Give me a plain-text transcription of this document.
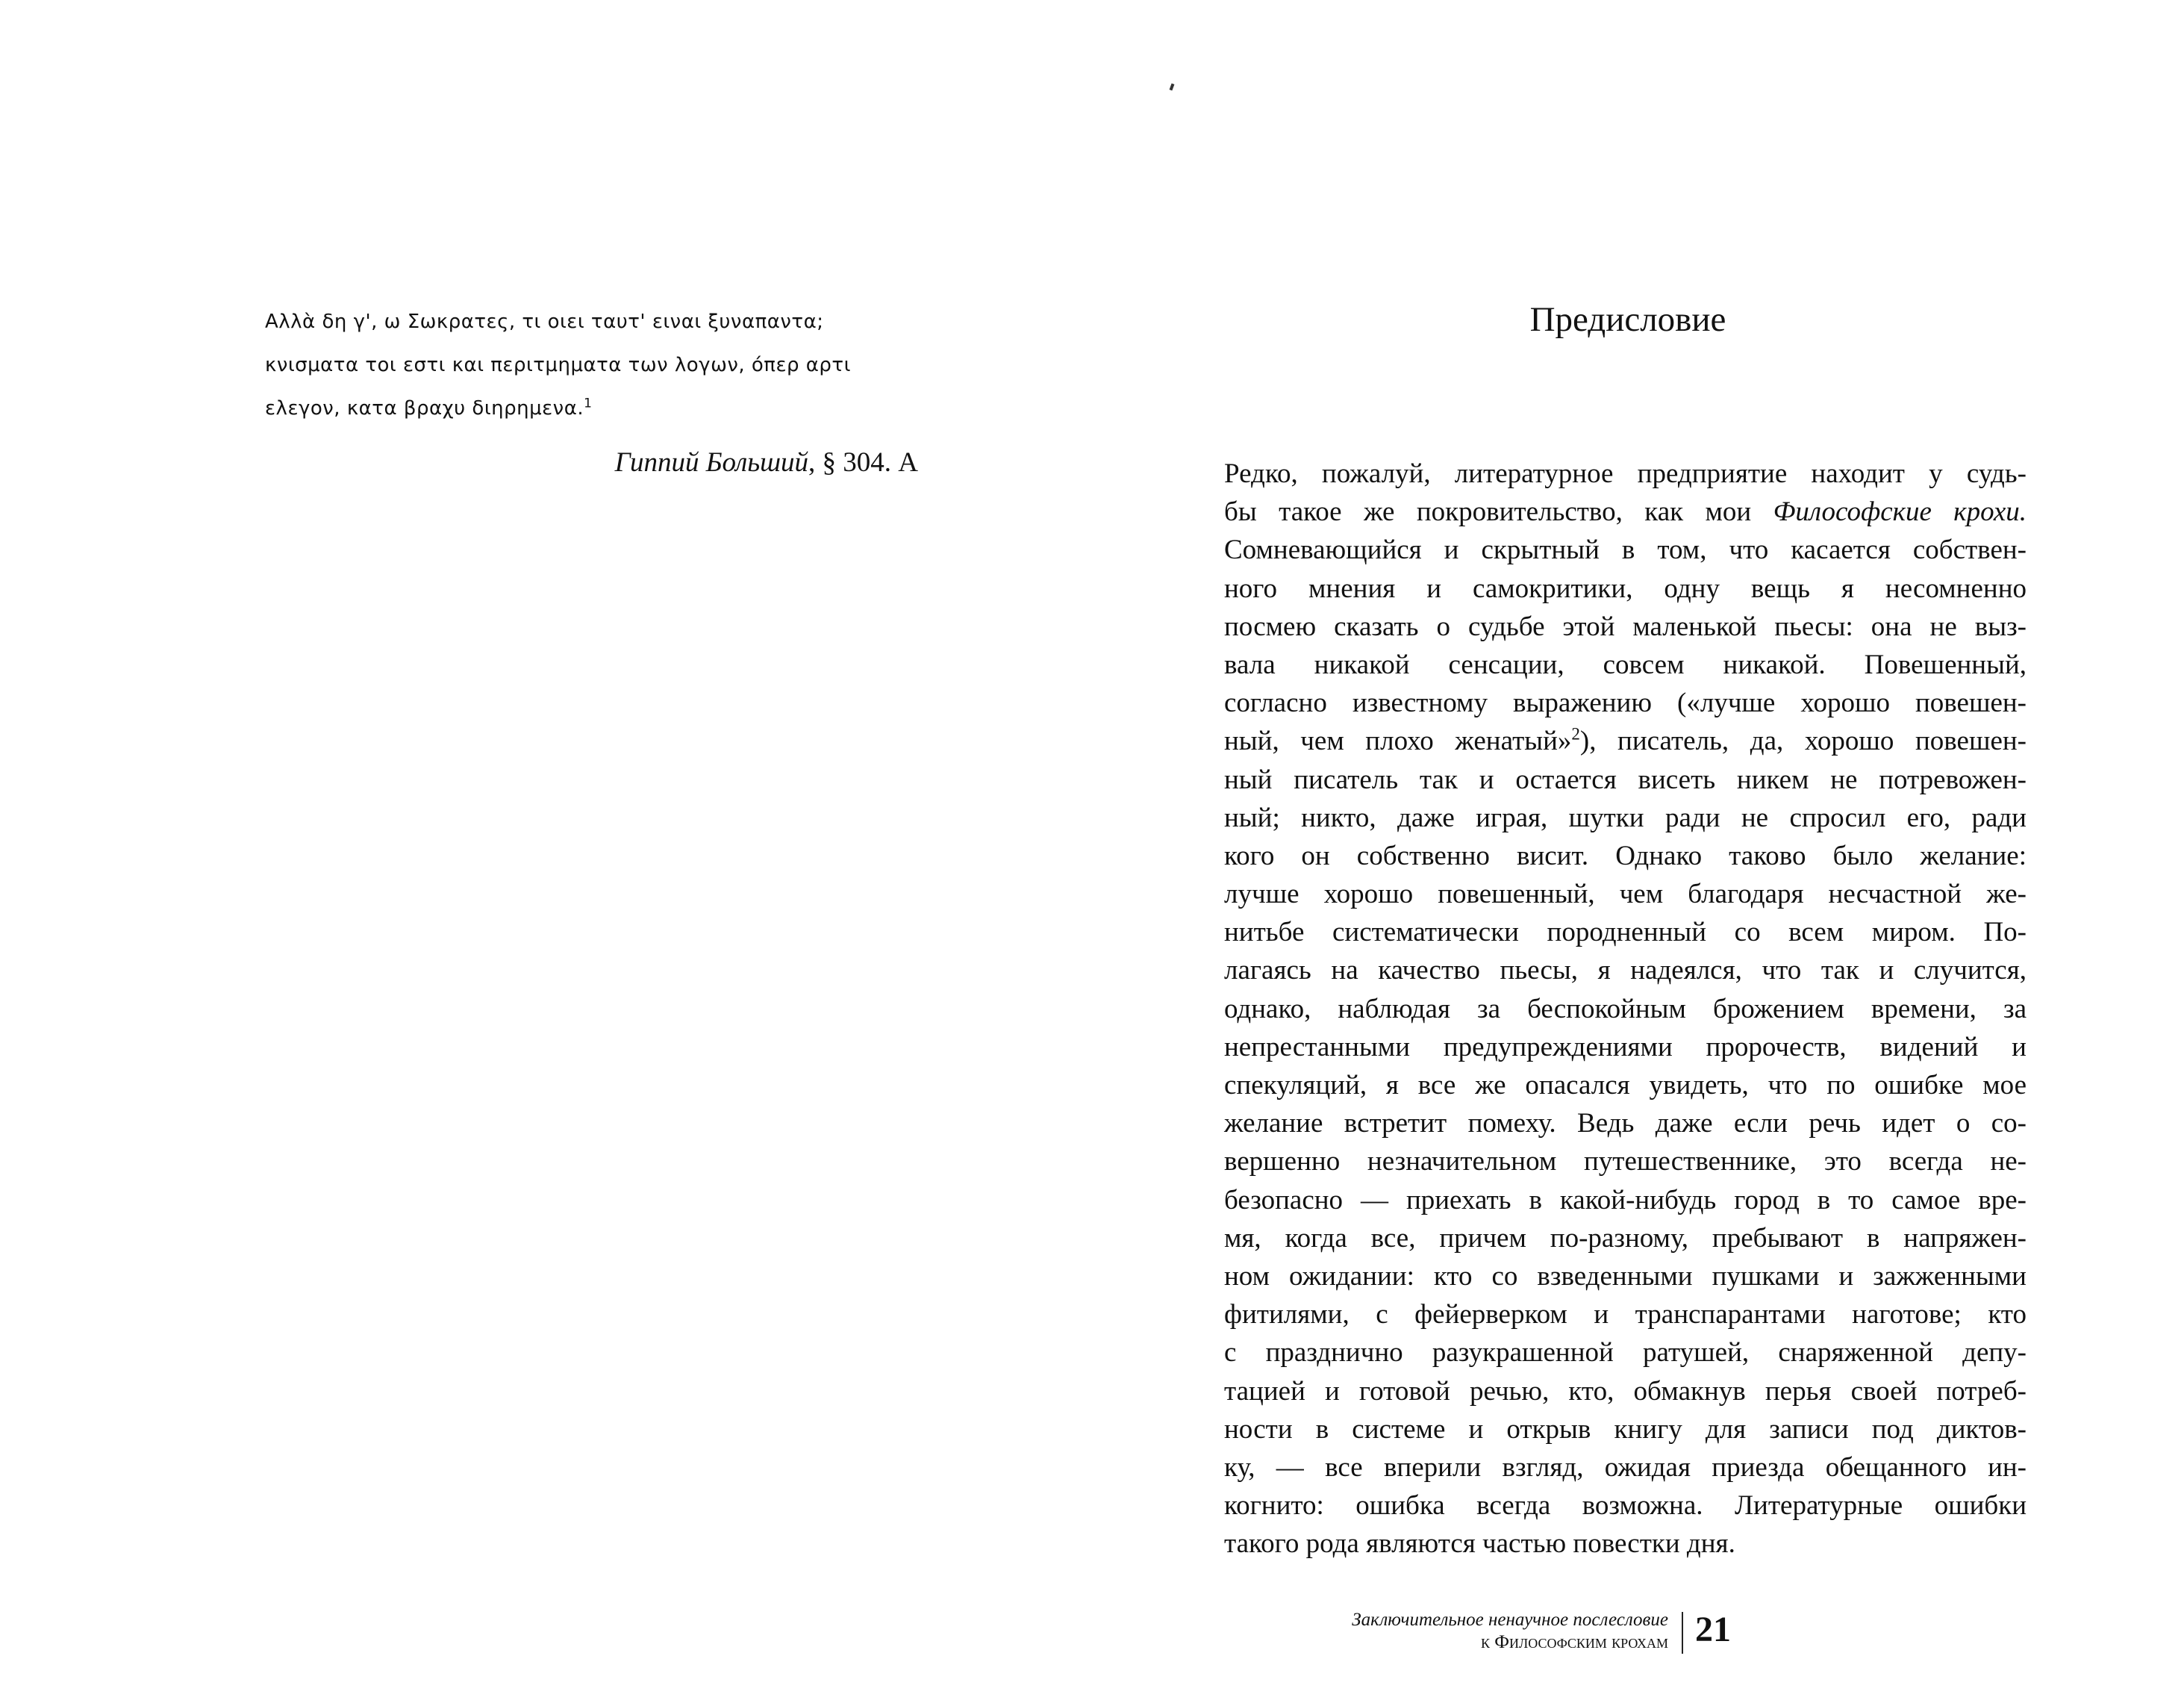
Αλλὰ δη γ', ω Σωκρατες, τι οιει ταυτ' ειναι ξυναπαντα;
κνισματα τοι εστι και περιτμηματα των λογων, όπερ αρτι
ελεγον, κατα βραχυ διηρημενα.$^1$

Гиппий Больший, § 304. А
Предисловие
Редко, пожалуй, литературное предприятие находит у судь-
бы такое же покровительство, как мои Философские крохи.
Сомневающийся и скрытный в том, что касается собствен-
ного мнения и самокритики, одну вещь я несомненно
посмею сказать о судьбе этой маленькой пьесы: она не выз-
вала никакой сенсации, совсем никакой. Повешенный,
согласно известному выражению («лучше хорошо повешен-
ный, чем плохо женатый»$^2$), писатель, да, хорошо повешен-
ный писатель так и остается висеть никем не потревожен-
ный; никто, даже играя, шутки ради не спросил его, ради
кого он собственно висит. Однако таково было желание:
лучше хорошо повешенный, чем благодаря несчастной же-
нитьбе систематически породненный со всем миром. По-
лагаясь на качество пьесы, я надеялся, что так и случится,
однако, наблюдая за беспокойным брожением времени, за
непрестанными предупреждениями пророчеств, видений и
спекуляций, я все же опасался увидеть, что по ошибке мое
желание встретит помеху. Ведь даже если речь идет о со-
вершенно незначительном путешественнике, это всегда не-
безопасно — приехать в какой-нибудь город в то самое вре-
мя, когда все, причем по-разному, пребывают в напряжен-
ном ожидании: кто со взведенными пушками и зажженными
фитилями, с фейерверком и транспарантами наготове; кто
с празднично разукрашенной ратушей, снаряженной депу-
тацией и готовой речью, кто, обмакнув перья своей потреб-
ности в системе и открыв книгу для записи под диктов-
ку, — все вперили взгляд, ожидая приезда обещанного ин-
когнито: ошибка всегда возможна. Литературные ошибки
такого рода являются частью повестки дня.
Заключительное ненаучное послесловие
к Философским крохам 21
